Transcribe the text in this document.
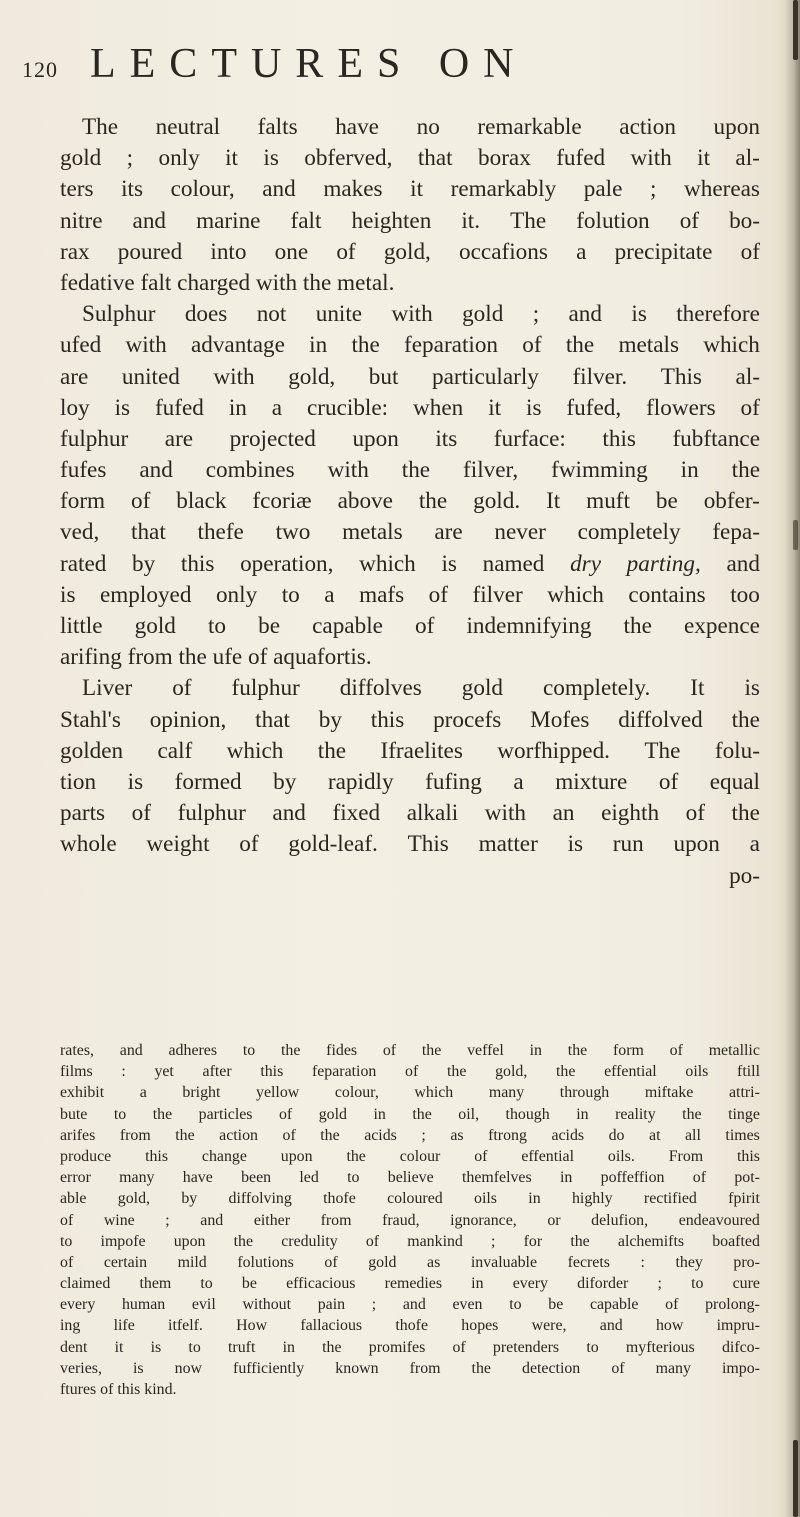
120 LECTURES ON
The neutral falts have no remarkable action upon
gold ; only it is obferved, that borax fufed with it al-
ters its colour, and makes it remarkably pale ; whereas
nitre and marine falt heighten it. The folution of bo-
rax poured into one of gold, occafions a precipitate of
fedative falt charged with the metal.
Sulphur does not unite with gold ; and is therefore
ufed with advantage in the feparation of the metals which
are united with gold, but particularly filver. This al-
loy is fufed in a crucible: when it is fufed, flowers of
fulphur are projected upon its furface: this fubftance
fufes and combines with the filver, fwimming in the
form of black fcoriæ above the gold. It muft be obfer-
ved, that thefe two metals are never completely fepa-
rated by this operation, which is named dry parting, and
is employed only to a mafs of filver which contains too
little gold to be capable of indemnifying the expence
arifing from the ufe of aquafortis.
Liver of fulphur diffolves gold completely. It is
Stahl's opinion, that by this procefs Mofes diffolved the
golden calf which the Ifraelites worfhipped. The folu-
tion is formed by rapidly fufing a mixture of equal
parts of fulphur and fixed alkali with an eighth of the
whole weight of gold-leaf. This matter is run upon a
po-
rates, and adheres to the fides of the veffel in the form of metallic
films : yet after this feparation of the gold, the effential oils ftill
exhibit a bright yellow colour, which many through miftake attri-
bute to the particles of gold in the oil, though in reality the tinge
arifes from the action of the acids ; as ftrong acids do at all times
produce this change upon the colour of effential oils. From this
error many have been led to believe themfelves in poffeffion of pot-
able gold, by diffolving thofe coloured oils in highly rectified fpirit
of wine ; and either from fraud, ignorance, or delufion, endeavoured
to impofe upon the credulity of mankind ; for the alchemifts boafted
of certain mild folutions of gold as invaluable fecrets : they pro-
claimed them to be efficacious remedies in every diforder ; to cure
every human evil without pain ; and even to be capable of prolong-
ing life itfelf. How fallacious thofe hopes were, and how impru-
dent it is to truft in the promifes of pretenders to myfterious difco-
veries, is now fufficiently known from the detection of many impo-
ftures of this kind.
